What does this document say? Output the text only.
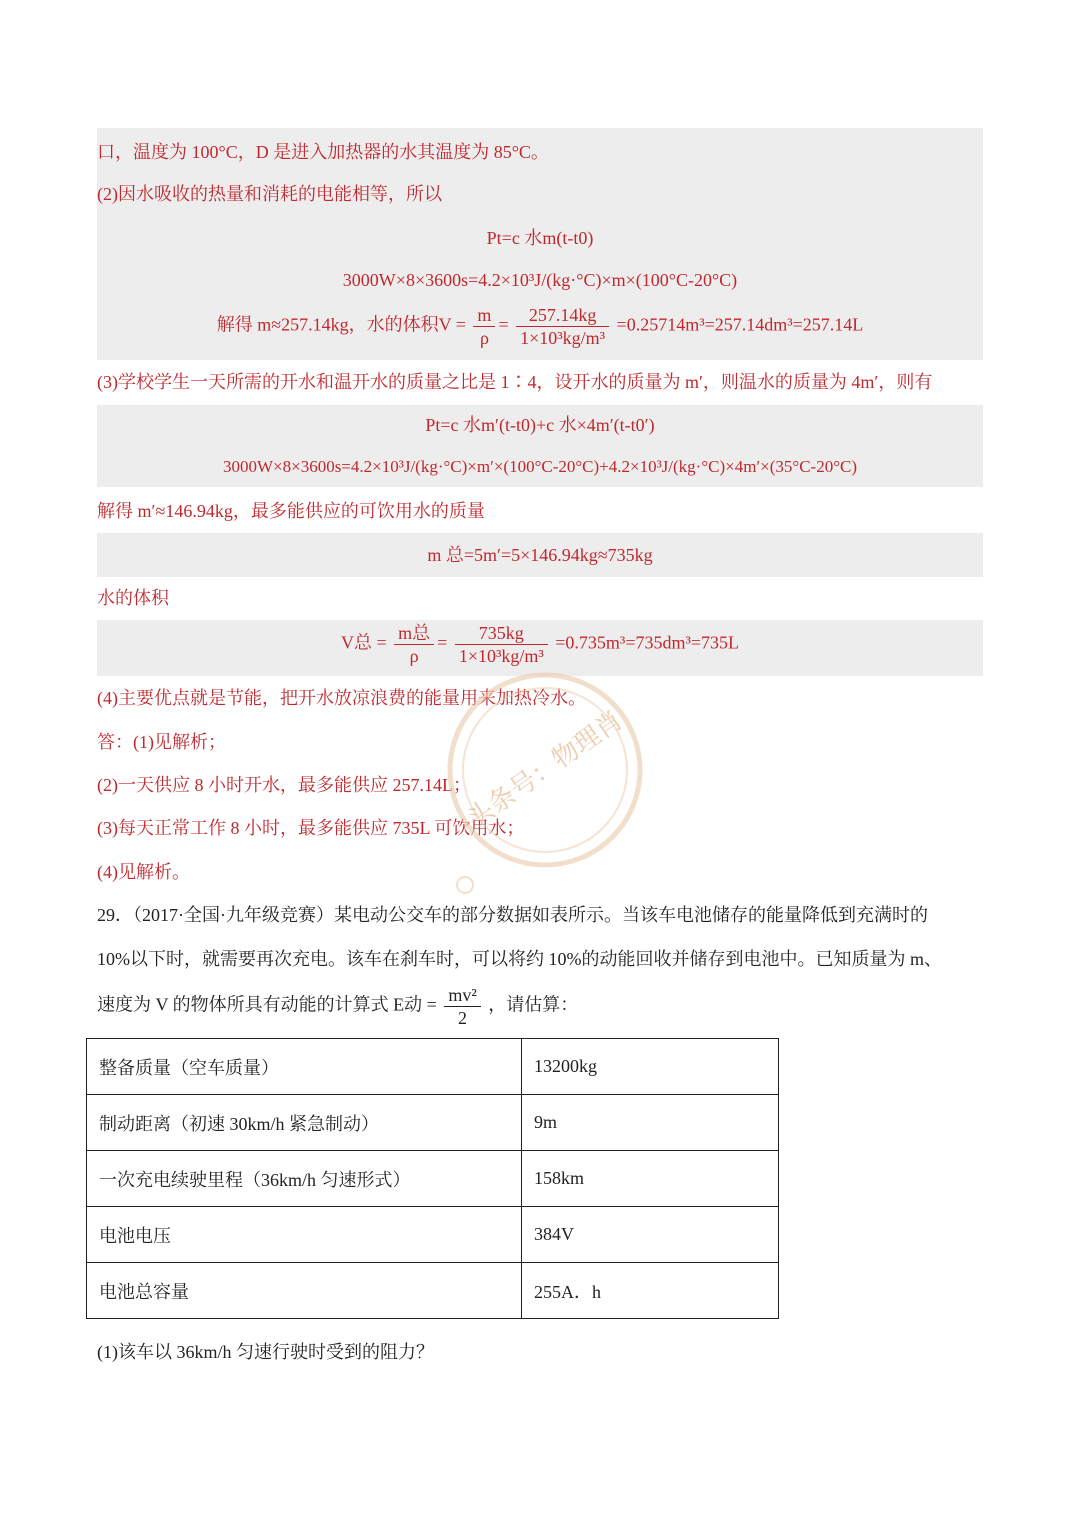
口，温度为 100°C，D 是进入加热器的水其温度为 85°C。
(2)因水吸收的热量和消耗的电能相等，所以
Pt=c 水m(t-t0)
3000W×8×3600s=4.2×10³J/(kg·°C)×m×(100°C-20°C)
解得 m≈257.14kg，水的体积$V = \frac{m}{\rho} = \frac{257.14kg}{\text{1×10³kg/m³}} =0.25714m^3=257.14dm^3=257.14L$
(3)学校学生一天所需的开水和温开水的质量之比是 1∶4，设开水的质量为 m′，则温水的质量为 4m′，则有
Pt=c 水m′(t-t0)+c 水×4m′(t-t0′)
3000W×8×3600s=4.2×10³J/(kg·°C)×m′×(100°C-20°C)+4.2×10³J/(kg·°C)×4m′×(35°C-20°C)
解得 m′≈146.94kg，最多能供应的可饮用水的质量
m 总=5m′=5×146.94kg≈735kg
水的体积
V总 = $\frac{\text{m总}}{\rho} = \frac{735kg}{\text{1×10³kg/m³}} =0.735m^3=735dm^3=735L$
(4)主要优点就是节能，把开水放凉浪费的能量用来加热冷水。
答：(1)见解析；
(2)一天供应 8 小时开水，最多能供应 257.14L；
(3)每天正常工作 8 小时，最多能供应 735L 可饮用水；
(4)见解析。
29．（2017·全国·九年级竞赛）某电动公交车的部分数据如表所示。当该车电池储存的能量降低到充满时的
10%以下时，就需要再次充电。该车在刹车时，可以将约 10%的动能回收并储存到电池中。已知质量为 m、
速度为 V 的物体所具有动能的计算式 E动 = $\frac{\text{mv²}}{2}$ ，请估算：
整备质量（空车质量）	13200kg
制动距离（初速 30km/h 紧急制动）	9m
一次充电续驶里程（36km/h 匀速形式）	158km
电池电压	384V
电池总容量	255A．h
(1)该车以 36km/h 匀速行驶时受到的阻力？
头条号：物理肖
